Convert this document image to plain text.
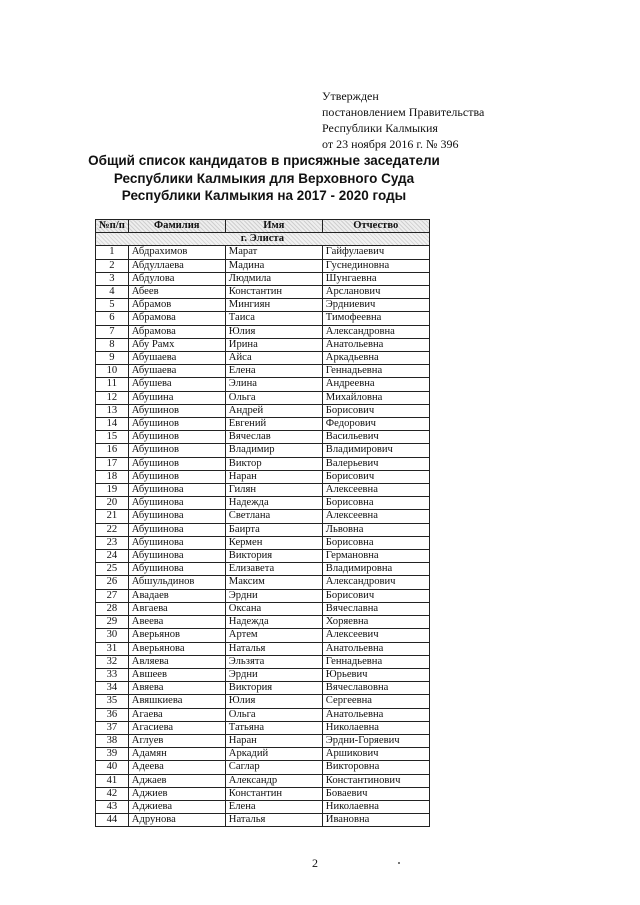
Утвержден
постановлением Правительства
Республики Калмыкия
от 23 ноября 2016 г. № 396
Общий список кандидатов в присяжные заседатели Республики Калмыкия для Верховного Суда Республики Калмыкия на 2017 - 2020 годы
№п/п	Фамилия	Имя	Отчество
г. Элиста			
1	Абдрахимов	Марат	Гайфулаевич
2	Абдуллаева	Мадина	Гуснединовна
3	Абдулова	Людмила	Шунгаевна
4	Абеев	Константин	Арсланович
5	Абрамов	Мингиян	Эрдниевич
6	Абрамова	Таиса	Тимофеевна
7	Абрамова	Юлия	Александровна
8	Абу Рамх	Ирина	Анатольевна
9	Абушаева	Айса	Аркадьевна
10	Абушаева	Елена	Геннадьевна
11	Абушева	Элина	Андреевна
12	Абушина	Ольга	Михайловна
13	Абушинов	Андрей	Борисович
14	Абушинов	Евгений	Федорович
15	Абушинов	Вячеслав	Васильевич
16	Абушинов	Владимир	Владимирович
17	Абушинов	Виктор	Валерьевич
18	Абушинов	Наран	Борисович
19	Абушинова	Гилян	Алексеевна
20	Абушинова	Надежда	Борисовна
21	Абушинова	Светлана	Алексеевна
22	Абушинова	Баирта	Львовна
23	Абушинова	Кермен	Борисовна
24	Абушинова	Виктория	Германовна
25	Абушинова	Елизавета	Владимировна
26	Абшульдинов	Максим	Александрович
27	Авадаев	Эрдни	Борисович
28	Авгаева	Оксана	Вячеславна
29	Авеева	Надежда	Хоряевна
30	Аверьянов	Артем	Алексеевич
31	Аверьянова	Наталья	Анатольевна
32	Авляева	Эльзята	Геннадьевна
33	Авшеев	Эрдни	Юрьевич
34	Авяева	Виктория	Вячеславовна
35	Авяшкиева	Юлия	Сергеевна
36	Агаева	Ольга	Анатольевна
37	Агасиева	Татьяна	Николаевна
38	Аглуев	Наран	Эрдни-Горяевич
39	Адамян	Аркадий	Аршикович
40	Адеева	Саглар	Викторовна
41	Аджаев	Александр	Константинович
42	Аджиев	Константин	Боваевич
43	Аджиева	Елена	Николаевна
44	Адрунова	Наталья	Ивановна
2
